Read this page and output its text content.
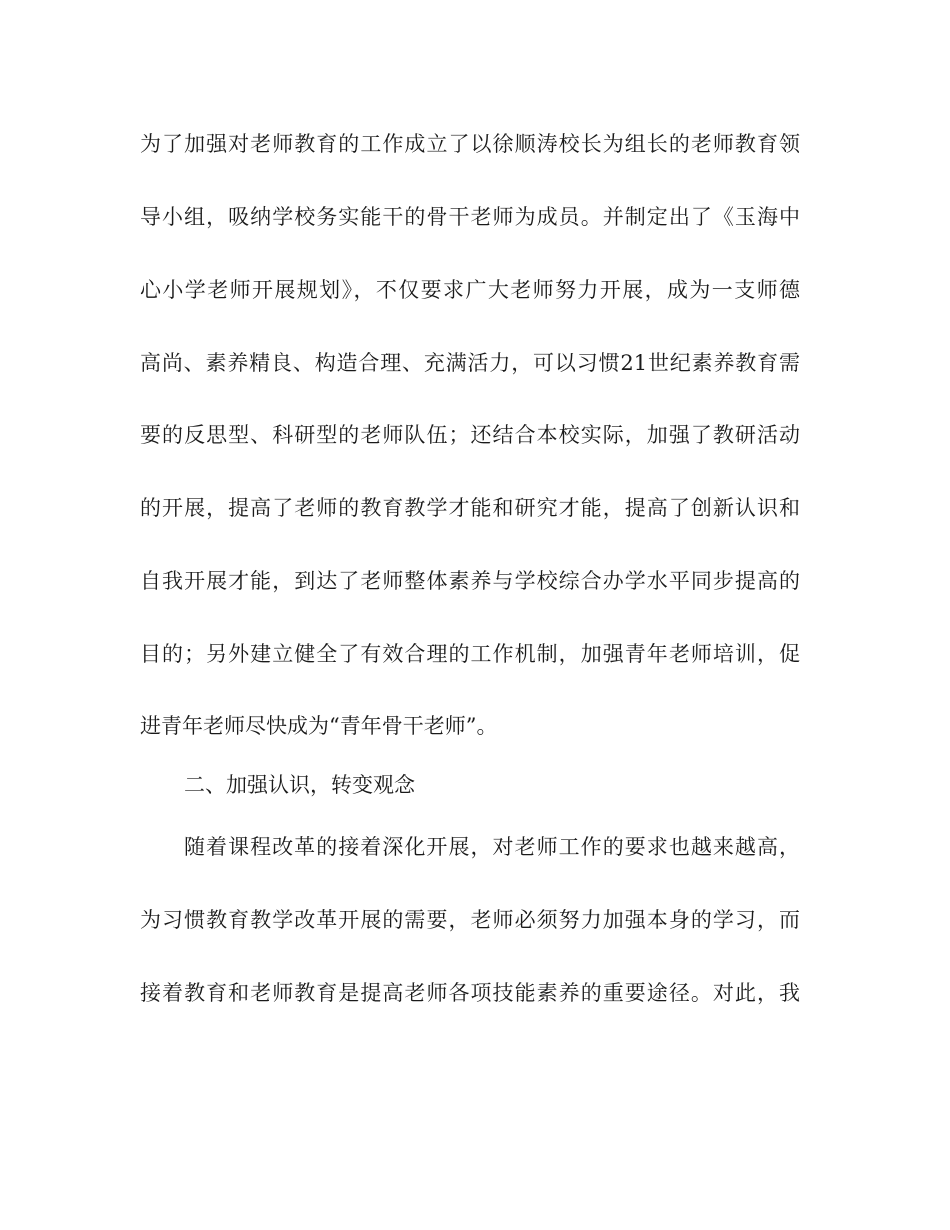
为了加强对老师教育的工作成立了以徐顺涛校长为组长的老师教育领
导小组，吸纳学校务实能干的骨干老师为成员。并制定出了《玉海中
心小学老师开展规划》，不仅要求广大老师努力开展，成为一支师德
高尚、素养精良、构造合理、充满活力，可以习惯21世纪素养教育需
要的反思型、科研型的老师队伍；还结合本校实际，加强了教研活动
的开展，提高了老师的教育教学才能和研究才能，提高了创新认识和
自我开展才能，到达了老师整体素养与学校综合办学水平同步提高的
目的；另外建立健全了有效合理的工作机制，加强青年老师培训，促
进青年老师尽快成为“青年骨干老师”。
二、加强认识，转变观念
随着课程改革的接着深化开展，对老师工作的要求也越来越高，
为习惯教育教学改革开展的需要，老师必须努力加强本身的学习，而
接着教育和老师教育是提高老师各项技能素养的重要途径。对此，我
